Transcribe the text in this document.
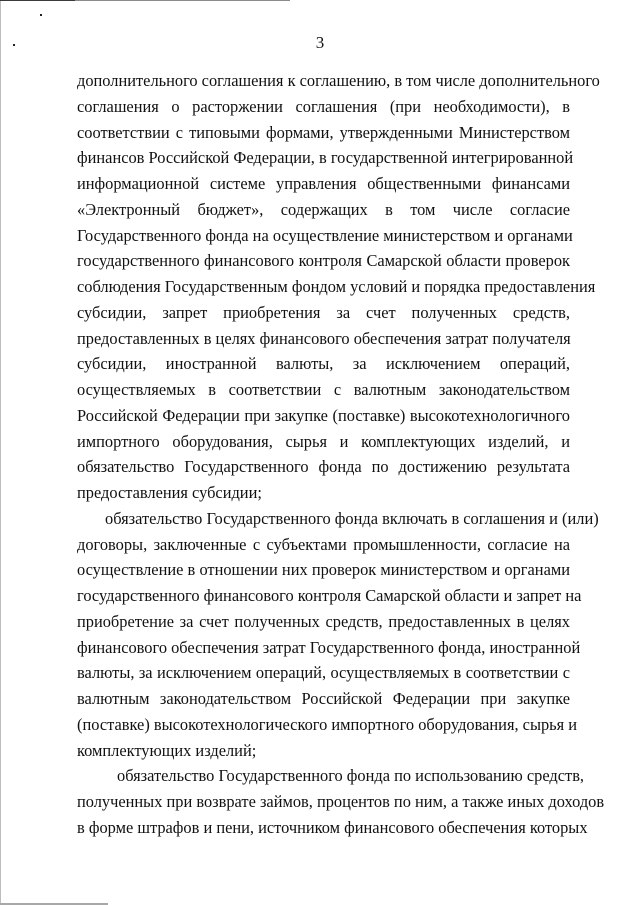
3
дополнительного соглашения к соглашению, в том числе дополнительного
соглашения о расторжении соглашения (при необходимости), в
соответствии с типовыми формами, утвержденными Министерством
финансов Российской Федерации, в государственной интегрированной
информационной системе управления общественными финансами
«Электронный бюджет», содержащих в том числе согласие
Государственного фонда на осуществление министерством и органами
государственного финансового контроля Самарской области проверок
соблюдения Государственным фондом условий и порядка предоставления
субсидии, запрет приобретения за счет полученных средств,
предоставленных в целях финансового обеспечения затрат получателя
субсидии, иностранной валюты, за исключением операций,
осуществляемых в соответствии с валютным законодательством
Российской Федерации при закупке (поставке) высокотехнологичного
импортного оборудования, сырья и комплектующих изделий, и
обязательство Государственного фонда по достижению результата
предоставления субсидии;
обязательство Государственного фонда включать в соглашения и (или)
договоры, заключенные с субъектами промышленности, согласие на
осуществление в отношении них проверок министерством и органами
государственного финансового контроля Самарской области и запрет на
приобретение за счет полученных средств, предоставленных в целях
финансового обеспечения затрат Государственного фонда, иностранной
валюты, за исключением операций, осуществляемых в соответствии с
валютным законодательством Российской Федерации при закупке
(поставке) высокотехнологического импортного оборудования, сырья и
комплектующих изделий;
обязательство Государственного фонда по использованию средств,
полученных при возврате займов, процентов по ним, а также иных доходов
в форме штрафов и пени, источником финансового обеспечения которых
